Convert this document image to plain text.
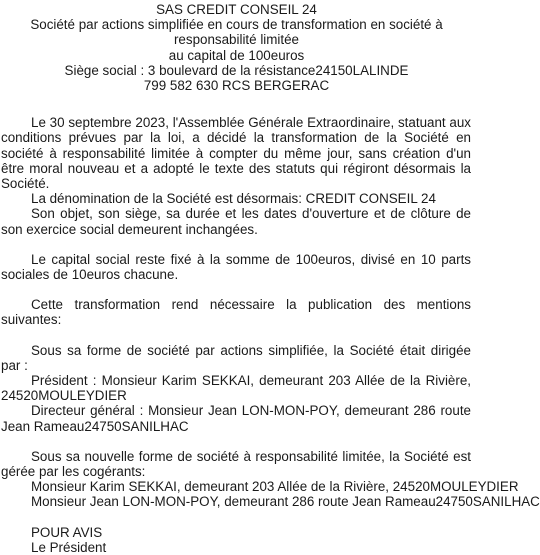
SAS CREDIT CONSEIL 24
Société par actions simplifiée en cours de transformation en société à
responsabilité limitée
au capital de 100euros
Siège social : 3 boulevard de la résistance24150LALINDE
799 582 630 RCS BERGERAC
Le 30 septembre 2023, l'Assemblée Générale Extraordinaire, statuant aux conditions prévues par la loi, a décidé la transformation de la Société en société à responsabilité limitée à compter du même jour, sans création d'un être moral nouveau et a adopté le texte des statuts qui régiront désormais la Société.
La dénomination de la Société est désormais: CREDIT CONSEIL 24
Son objet, son siège, sa durée et les dates d'ouverture et de clôture de son exercice social demeurent inchangées.
Le capital social reste fixé à la somme de 100euros, divisé en 10 parts sociales de 10euros chacune.
Cette transformation rend nécessaire la publication des mentions suivantes:
Sous sa forme de société par actions simplifiée, la Société était dirigée par :
Président : Monsieur Karim SEKKAI, demeurant 203 Allée de la Rivière, 24520MOULEYDIER
Directeur général : Monsieur Jean LON-MON-POY, demeurant 286 route Jean Rameau24750SANILHAC
Sous sa nouvelle forme de société à responsabilité limitée, la Société est gérée par les cogérants:
Monsieur Karim SEKKAI, demeurant 203 Allée de la Rivière, 24520MOULEYDIER
Monsieur Jean LON-MON-POY, demeurant 286 route Jean Rameau24750SANILHAC
POUR AVIS
Le Président
